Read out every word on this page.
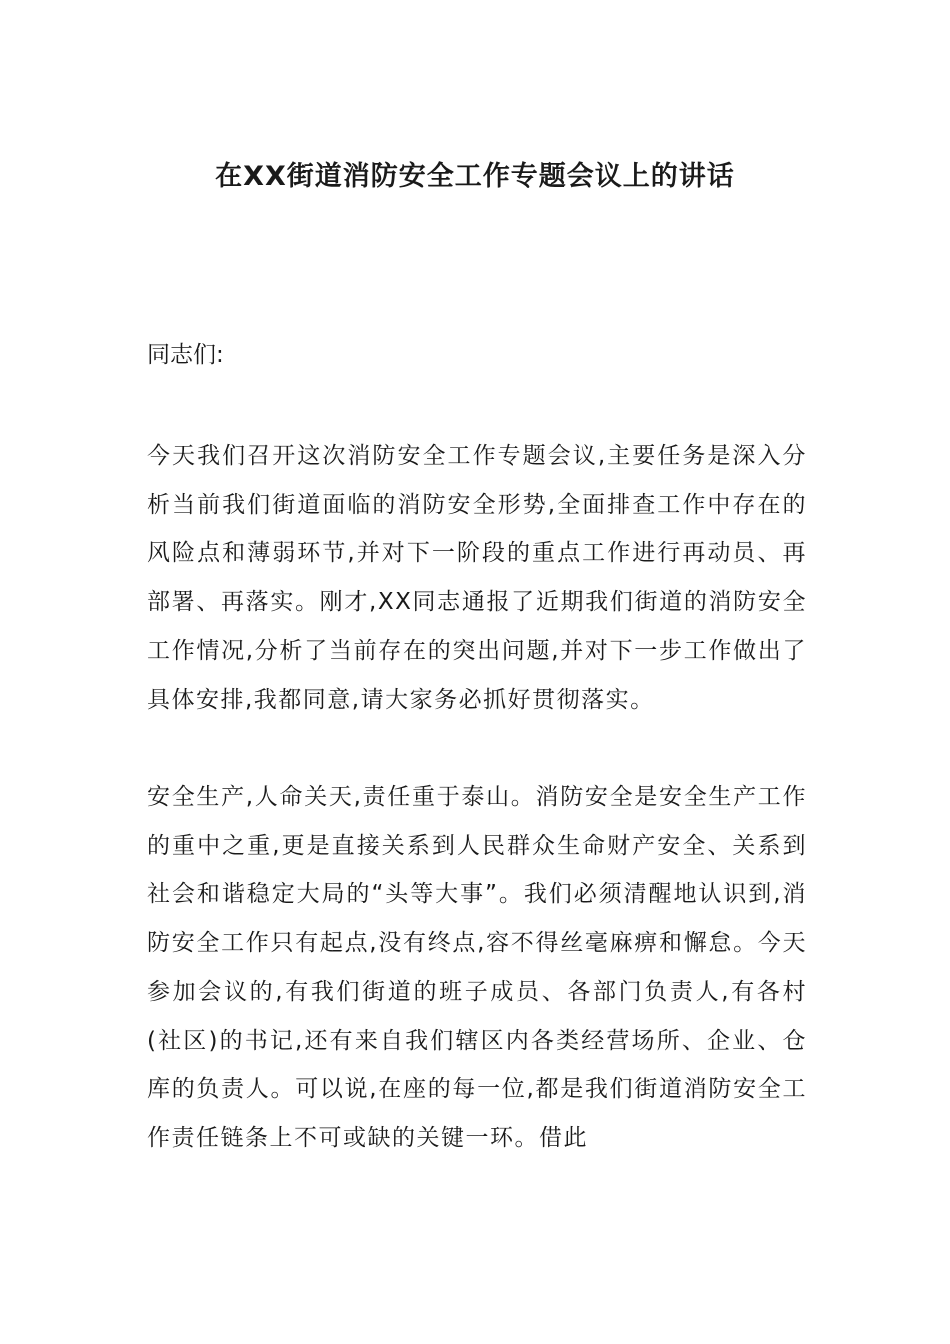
在XX街道消防安全工作专题会议上的讲话

同志们:

今天我们召开这次消防安全工作专题会议,主要任务是深入分析当前我们街道面临的消防安全形势,全面排查工作中存在的风险点和薄弱环节,并对下一阶段的重点工作进行再动员、再部署、再落实。刚才,XX同志通报了近期我们街道的消防安全工作情况,分析了当前存在的突出问题,并对下一步工作做出了具体安排,我都同意,请大家务必抓好贯彻落实。

安全生产,人命关天,责任重于泰山。消防安全是安全生产工作的重中之重,更是直接关系到人民群众生命财产安全、关系到社会和谐稳定大局的“头等大事”。我们必须清醒地认识到,消防安全工作只有起点,没有终点,容不得丝毫麻痹和懈怠。今天参加会议的,有我们街道的班子成员、各部门负责人,有各村(社区)的书记,还有来自我们辖区内各类经营场所、企业、仓库的负责人。可以说,在座的每一位,都是我们街道消防安全工作责任链条上不可或缺的关键一环。借此
